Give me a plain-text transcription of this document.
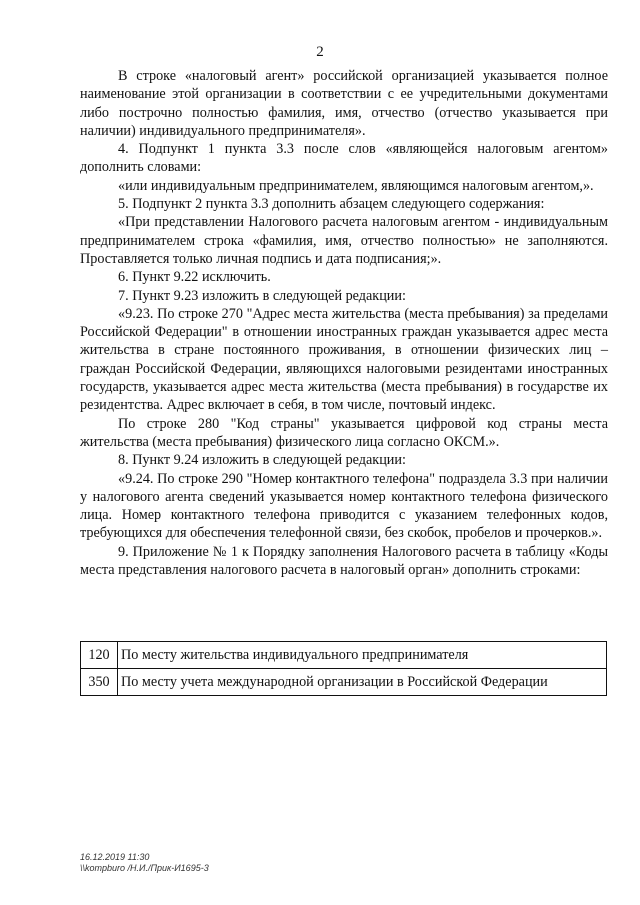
2

В строке «налоговый агент» российской организацией указывается полное наименование этой организации в соответствии с ее учредительными документами либо построчно полностью фамилия, имя, отчество (отчество указывается при наличии) индивидуального предпринимателя».

4. Подпункт 1 пункта 3.3 после слов «являющейся налоговым агентом» дополнить словами:

«или индивидуальным предпринимателем, являющимся налоговым агентом,».

5. Подпункт 2 пункта 3.3 дополнить абзацем следующего содержания:

«При представлении Налогового расчета налоговым агентом - индивидуальным предпринимателем строка «фамилия, имя, отчество полностью» не заполняются. Проставляется только личная подпись и дата подписания;».

6. Пункт 9.22 исключить.

7. Пункт 9.23 изложить в следующей редакции:

«9.23. По строке 270 "Адрес места жительства (места пребывания) за пределами Российской Федерации" в отношении иностранных граждан указывается адрес места жительства в стране постоянного проживания, в отношении физических лиц – граждан Российской Федерации, являющихся налоговыми резидентами иностранных государств, указывается адрес места жительства (места пребывания) в государстве их резидентства. Адрес включает в себя, в том числе, почтовый индекс.

По строке 280 "Код страны" указывается цифровой код страны места жительства (места пребывания) физического лица согласно ОКСМ.».

8. Пункт 9.24 изложить в следующей редакции:

«9.24. По строке 290 "Номер контактного телефона" подраздела 3.3 при наличии у налогового агента сведений указывается номер контактного телефона физического лица. Номер контактного телефона приводится с указанием телефонных кодов, требующихся для обеспечения телефонной связи, без скобок, пробелов и прочерков.».

9. Приложение № 1 к Порядку заполнения Налогового расчета в таблицу «Коды места представления налогового расчета в налоговый орган» дополнить строками:

120	По месту жительства индивидуального предпринимателя
350	По месту учета международной организации в Российской Федерации
16.12.2019 11:30
\\kompburo /Н.И./Прик-И1695-3
